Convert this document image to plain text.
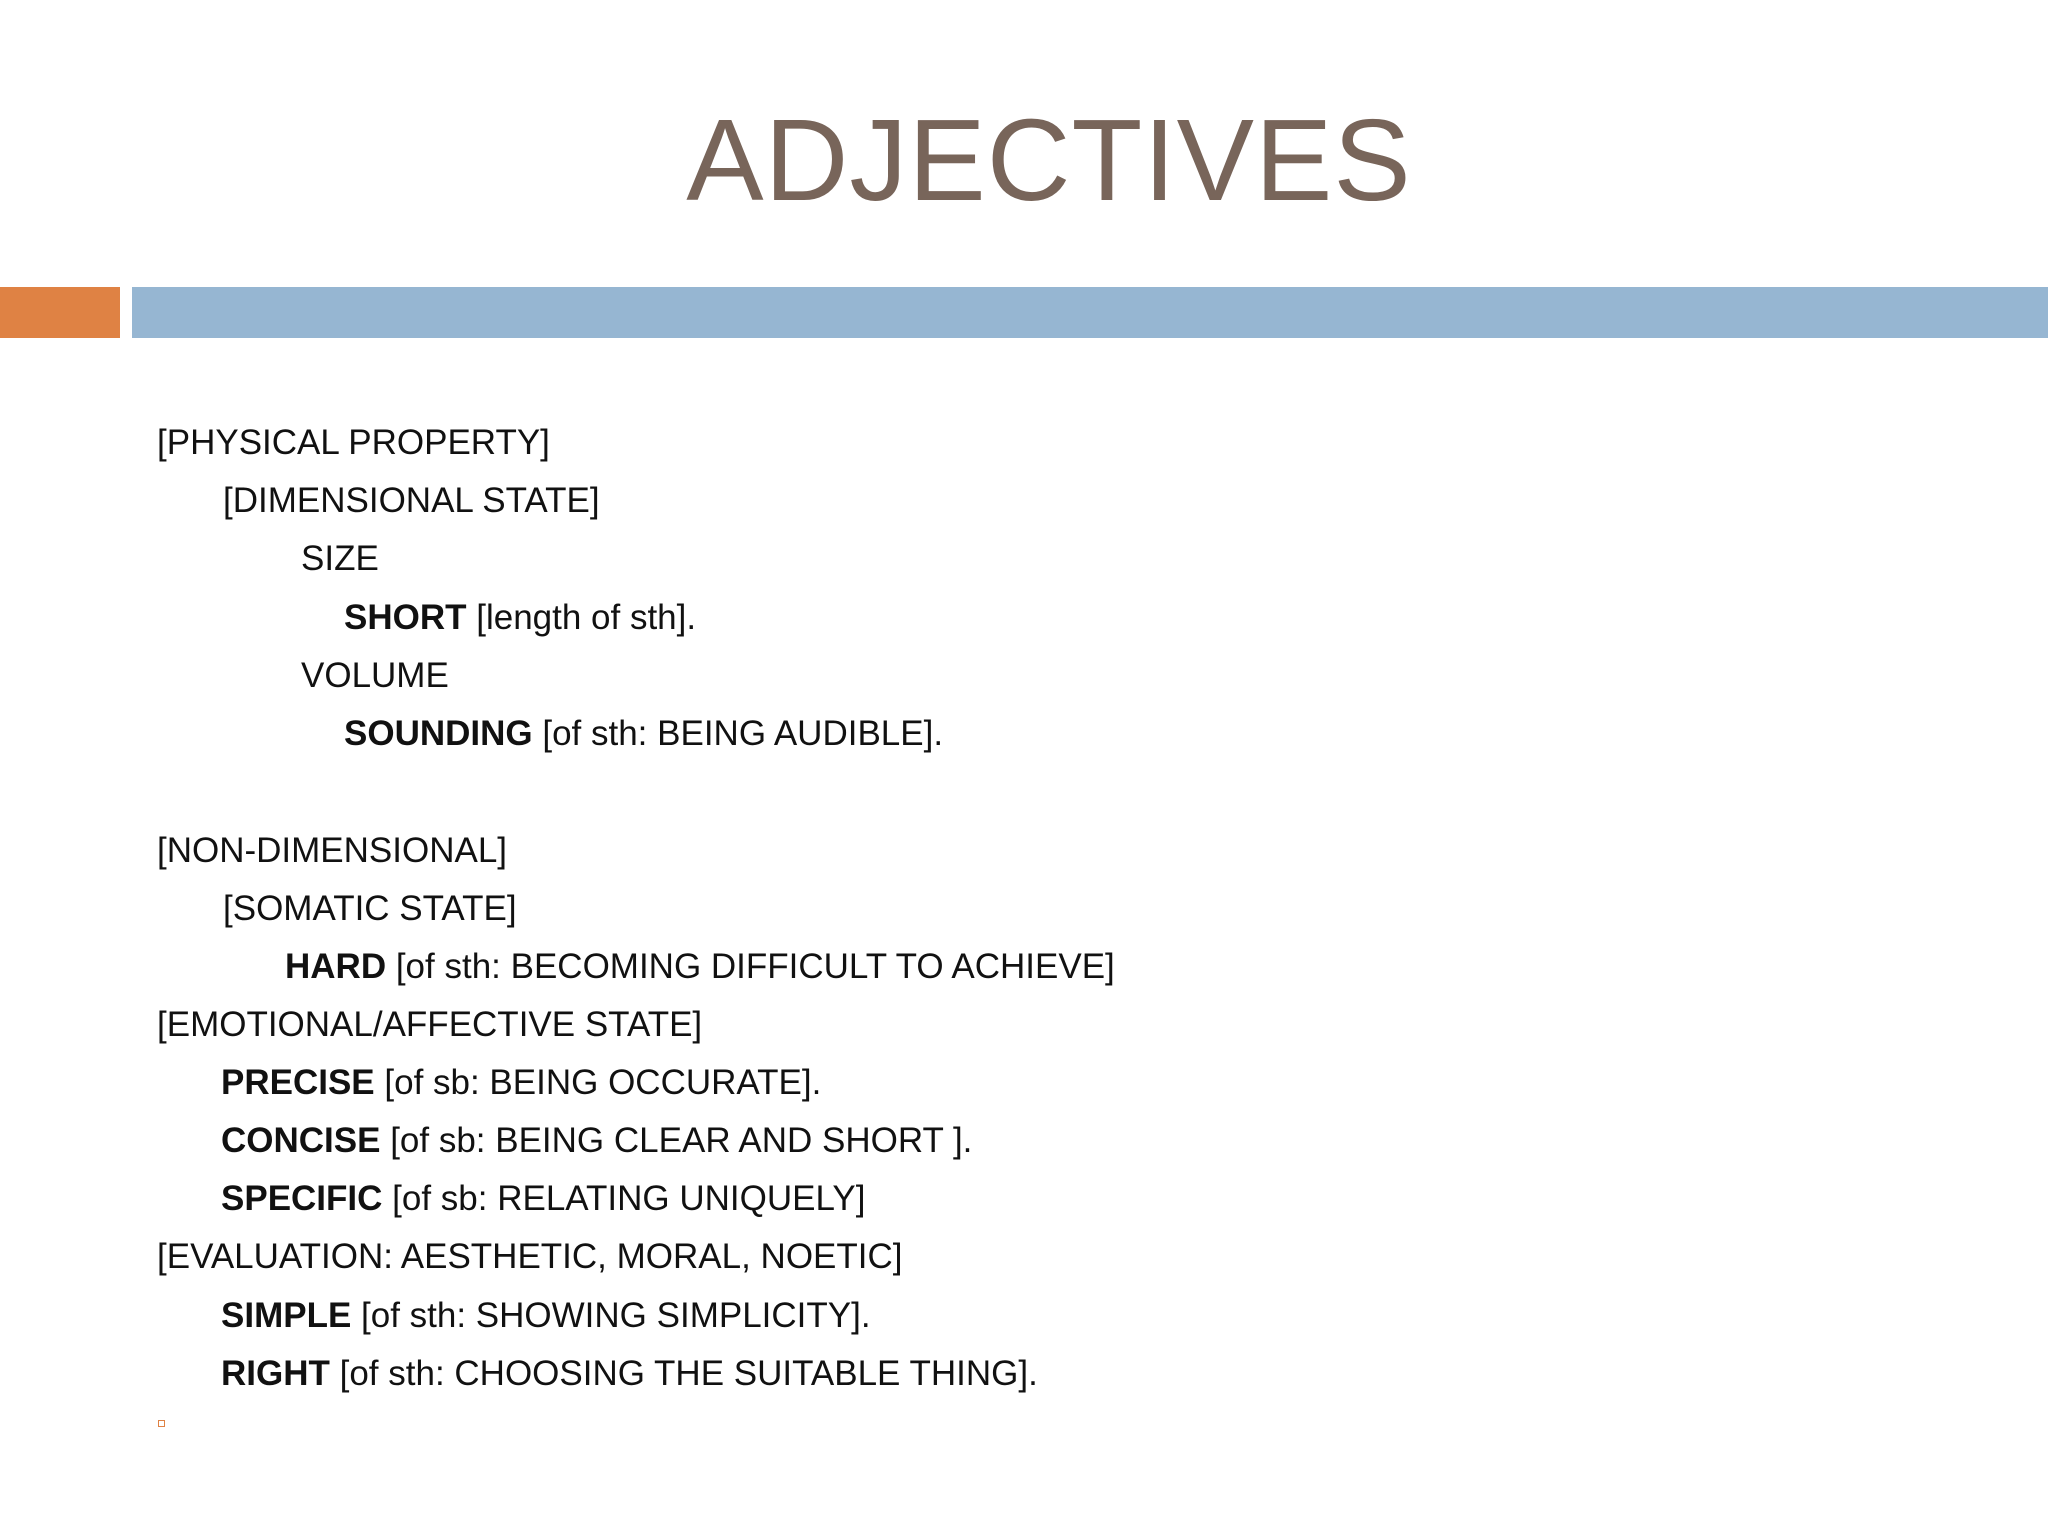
ADJECTIVES
[PHYSICAL PROPERTY]
[DIMENSIONAL STATE]
SIZE
SHORT [length of sth].
VOLUME
SOUNDING [of sth: BEING AUDIBLE].
[NON-DIMENSIONAL]
[SOMATIC STATE]
HARD [of sth: BECOMING DIFFICULT TO ACHIEVE]
[EMOTIONAL/AFFECTIVE STATE]
PRECISE [of sb: BEING OCCURATE].
CONCISE [of sb: BEING CLEAR AND SHORT ].
SPECIFIC [of sb: RELATING UNIQUELY]
[EVALUATION: AESTHETIC, MORAL, NOETIC]
SIMPLE [of sth: SHOWING SIMPLICITY].
RIGHT [of sth: CHOOSING THE SUITABLE THING].
